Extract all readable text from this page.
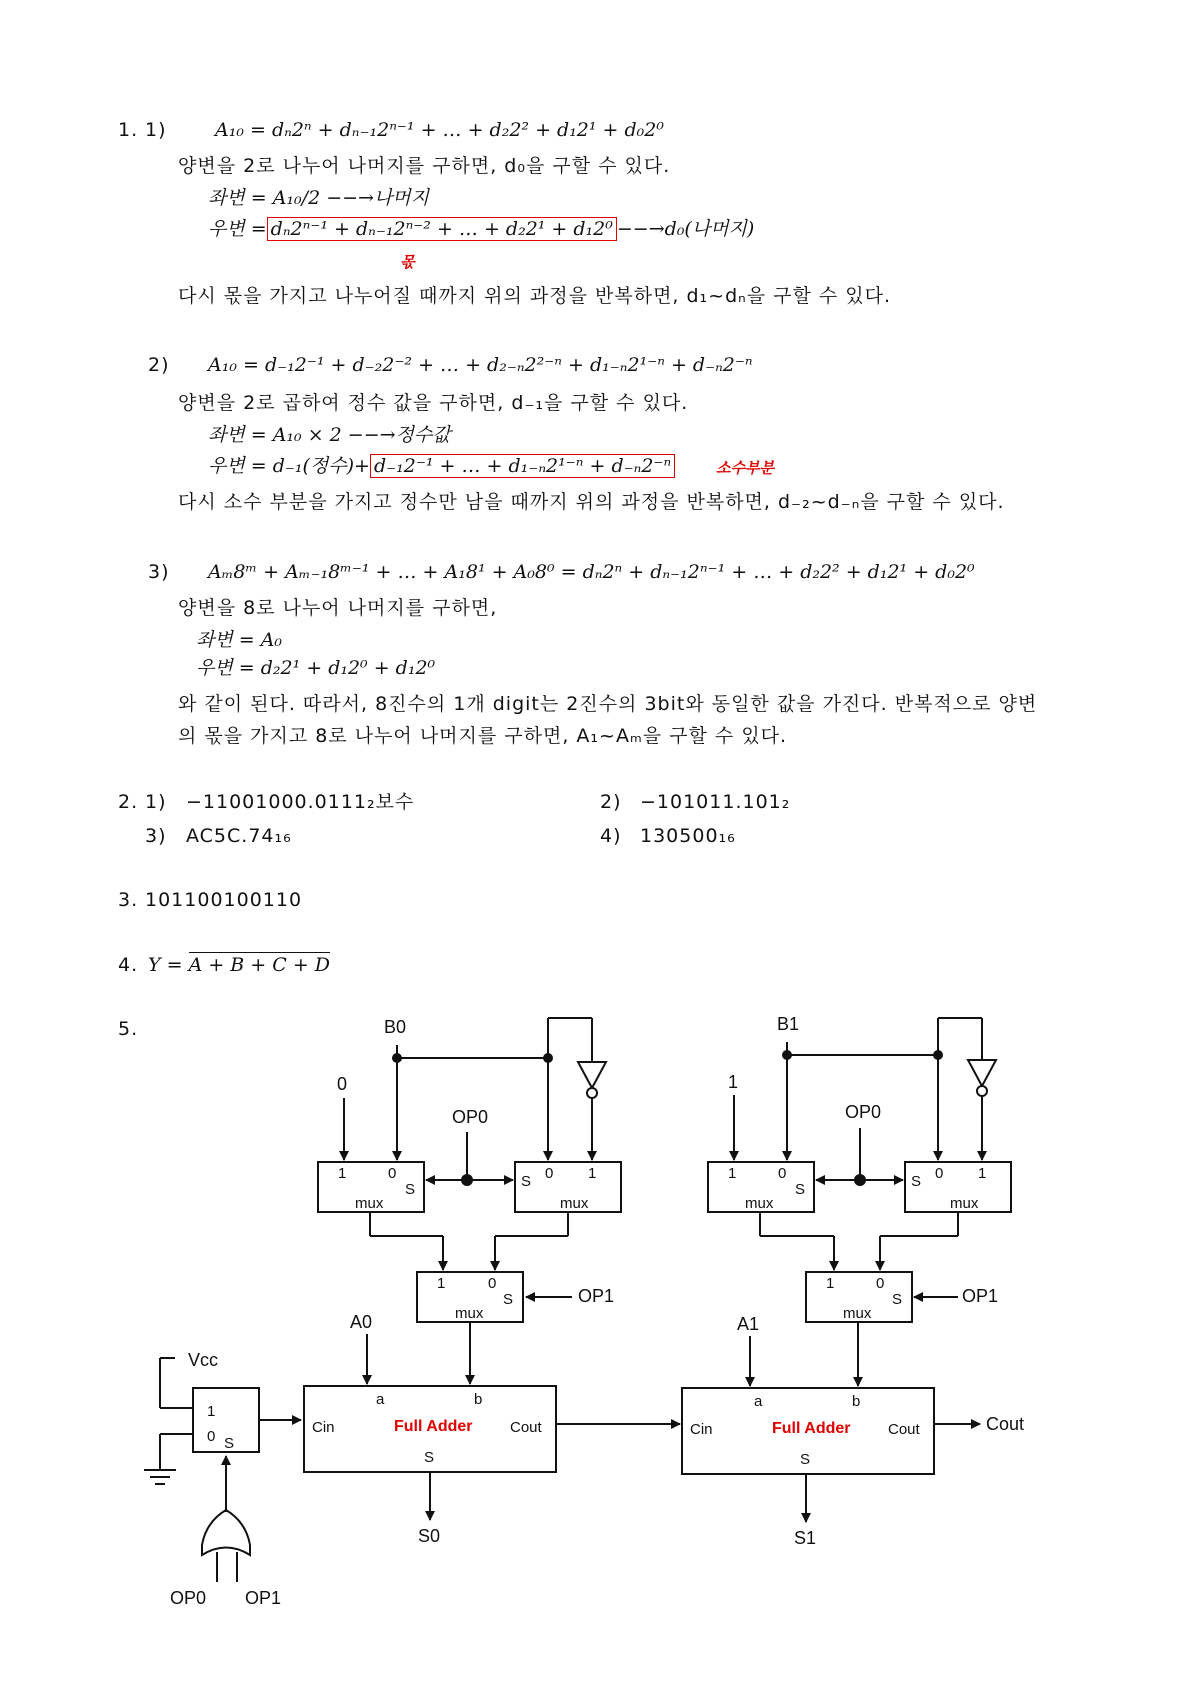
1. 1)	A₁₀ = dₙ2ⁿ + dₙ₋₁2ⁿ⁻¹ + … + d₂2² + d₁2¹ + d₀2⁰
양변을 2로 나누어 나머지를 구하면, d₀을 구할 수 있다.
좌변 = A₁₀/2 −−→나머지
우변 = dₙ2ⁿ⁻¹ + dₙ₋₁2ⁿ⁻² + … + d₂2¹ + d₁2⁰ −−→d₀(나머지)
몫
다시 몫을 가지고 나누어질 때까지 위의 과정을 반복하면, d₁~dₙ을 구할 수 있다.
2) A₁₀ = d₋₁2⁻¹ + d₋₂2⁻² + … + d₂₋ₙ2²⁻ⁿ + d₁₋ₙ2¹⁻ⁿ + d₋ₙ2⁻ⁿ
양변을 2로 곱하여 정수 값을 구하면, d₋₁을 구할 수 있다.
좌변 = A₁₀ × 2 −−→정수값
우변 = d₋₁(정수)+ d₋₁2⁻¹ + … + d₁₋ₙ2¹⁻ⁿ + d₋ₙ2⁻ⁿ	소수부분
다시 소수 부분을 가지고 정수만 남을 때까지 위의 과정을 반복하면, d₋₂~d₋ₙ을 구할 수 있다.
3) Aₘ8ᵐ + Aₘ₋₁8ᵐ⁻¹ + … + A₁8¹ + A₀8⁰ = dₙ2ⁿ + dₙ₋₁2ⁿ⁻¹ + … + d₂2² + d₁2¹ + d₀2⁰
양변을 8로 나누어 나머지를 구하면,
좌변 = A₀
우변 = d₂2¹ + d₁2⁰ + d₁2⁰
와 같이 된다. 따라서, 8진수의 1개 digit는 2진수의 3bit와 동일한 값을 가진다. 반복적으로 양변
의 몫을 가지고 8로 나누어 나머지를 구하면, A₁~Aₘ을 구할 수 있다.
2. 1) −11001000.0111₂보수	2) −101011.101₂
3) AC5C.74₁₆	4) 130500₁₆
3. 101100100110
4. Y = A + B + C + D
5.	B0
0
OP0
B1
1
OP0
OP1	OP1
A0	A1
Vcc
S0	S1
Cout
OP0 OP1
1	0
S
mux
S 0 1
mux
1	0
S
mux
1	0
S
mux
S 0 1
mux
1	0
S
mux
1
0 S
a	b
Cin	Cout
S
a	b
Cin	Cout
S
Full Adder	Full Adder
